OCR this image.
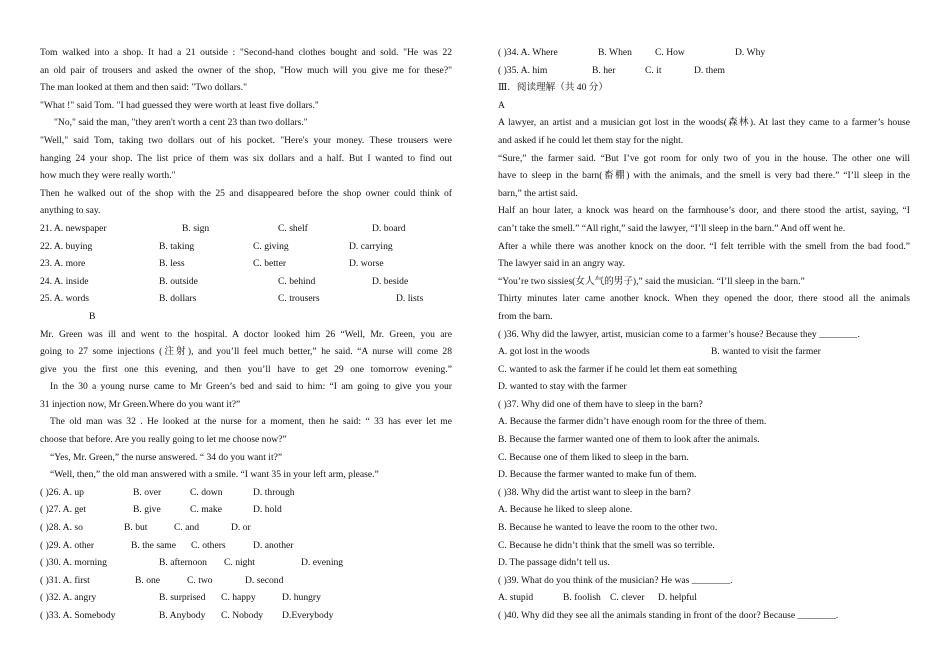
Tom walked into a shop. It had a 21 outside : "Second-hand clothes bought and sold. "He was 22
an old pair of trousers and asked the owner of the shop, "How much will you give me for these?"
The man looked at them and then said: "Two dollars."
"What !" said Tom. "I had guessed they were worth at least five dollars."
"No," said the man, "they aren't worth a cent 23 than two dollars."
"Well," said Tom, taking two dollars out of his pocket. "Here's your money. These trousers were
hanging 24 your shop. The list price of them was six dollars and a half. But I wanted to find out
how much they were really worth."
Then he walked out of the shop with the 25 and disappeared before the shop owner could think of
anything to say.
21. A. newspaper	B. sign	C. shelf	D. board
22. A. buying	B. taking	C. giving	D. carrying
23. A. more	B. less	C. better	D. worse
24. A. inside	B. outside	C. behind	D. beside
25. A. words	B. dollars	C. trousers	D. lists
B
Mr. Green was ill and went to the hospital. A doctor looked him 26 “Well, Mr. Green, you are
going to 27 some injections (注射), and you’ll feel much better,” he said. “A nurse will come 28
give you the first one this evening, and then you’ll have to get 29 one tomorrow evening.”
In the 30 a young nurse came to Mr Green’s bed and said to him: “I am going to give you your
31 injection now, Mr Green.Where do you want it?”
The old man was 32 . He looked at the nurse for a moment, then he said: “ 33 has ever let me
choose that before. Are you really going to let me choose now?”
“Yes, Mr. Green,” the nurse answered. “ 34 do you want it?”
“Well, then,” the old man answered with a smile. “I want 35 in your left arm, please.”
( )26. A. up	B. over	C. down	D. through
( )27. A. get	B. give	C. make	D. hold
( )28. A. so	B. but	C. and	D. or
( )29. A. other	B. the same C. others	D. another
( )30. A. morning	B. afternoon C. night	D. evening
( )31. A. first	B. one	C. two	D. second
( )32. A. angry	B. surprised C. happy	D. hungry
( )33. A. Somebody	B. Anybody C. Nobody D.Everybody
( )34. A. Where	B. When C. How	D. Why
( )35. A. him	B. her	C. it	D. them
Ⅲ．阅读理解（共 40 分）
A
A lawyer, an artist and a musician got lost in the woods(森林). At last they came to a farmer’s house
and asked if he could let them stay for the night.
“Sure,” the farmer said. “But I’ve got room for only two of you in the house. The other one will
have to sleep in the barn(畜棚) with the animals, and the smell is very bad there.” “I’ll sleep in the
barn,” the artist said.
Half an hour later, a knock was heard on the farmhouse’s door, and there stood the artist, saying, “I
can’t take the smell.” “All right,” said the lawyer, “I’ll sleep in the barn.” And off went he.
After a while there was another knock on the door. “I felt terrible with the smell from the bad food.”
The lawyer said in an angry way.
“You’re two sissies(女人气的男子),” said the musician. “I’ll sleep in the barn.”
Thirty minutes later came another knock. When they opened the door, there stood all the animals
from the barn.
( )36. Why did the lawyer, artist, musician come to a farmer’s house? Because they ________.
A. got lost in the woods	B. wanted to visit the farmer
C. wanted to ask the farmer if he could let them eat something
D. wanted to stay with the farmer
( )37. Why did one of them have to sleep in the barn?
A. Because the farmer didn’t have enough room for the three of them.
B. Because the farmer wanted one of them to look after the animals.
C. Because one of them liked to sleep in the barn.
D. Because the farmer wanted to make fun of them.
( )38. Why did the artist want to sleep in the barn?
A. Because he liked to sleep alone.
B. Because he wanted to leave the room to the other two.
C. Because he didn’t think that the smell was so terrible.
D. The passage didn’t tell us.
( )39. What do you think of the musician? He was ________.
A. stupid	B. foolish C. clever D. helpful
( )40. Why did they see all the animals standing in front of the door? Because ________.
